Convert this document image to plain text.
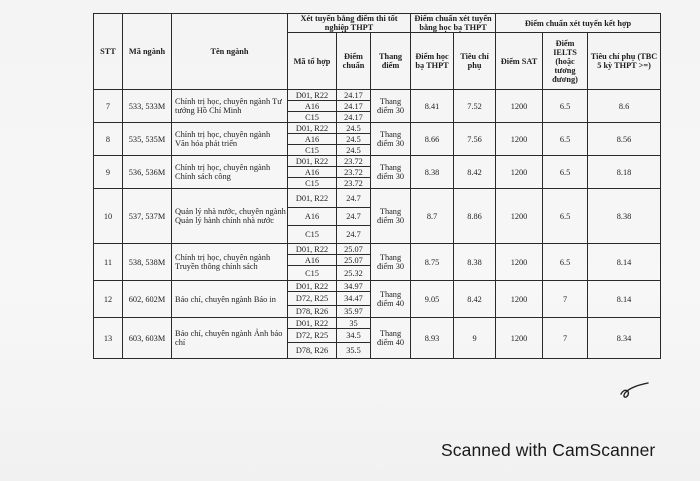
STT	Mã ngành	Tên ngành	Xét tuyển bằng điểm thi tốt nghiệp THPT			Điểm chuẩn xét tuyển bằng học bạ THPT		Điểm chuẩn xét tuyển kết hợp		
			Mã tổ hợp	Điểm chuẩn	Thang điểm	Điểm học bạ THPT	Tiêu chí phụ	Điểm SAT	Điểm IELTS (hoặc tương đương)	Tiêu chí phụ (TBC 5 kỳ THPT >=)
7	533, 533M	Chính trị học, chuyên ngành Tư tưởng Hồ Chí Minh	D01, R22	24.17	Thang điểm 30	8.41	7.52	1200	6.5	8.6
			A16	24.17						
			C15	24.17						
8	535, 535M	Chính trị học, chuyên ngành Văn hóa phát triển	D01, R22	24.5	Thang điểm 30	8.66	7.56	1200	6.5	8.56
			A16	24.5						
			C15	24.5						
9	536, 536M	Chính trị học, chuyên ngành Chính sách công	D01, R22	23.72	Thang điểm 30	8.38	8.42	1200	6.5	8.18
			A16	23.72						
			C15	23.72						
10	537, 537M	Quản lý nhà nước, chuyên ngành Quản lý hành chính nhà nước	D01, R22	24.7	Thang điểm 30	8.7	8.86	1200	6.5	8.38
			A16	24.7						
			C15	24.7						
11	538, 538M	Chính trị học, chuyên ngành Truyền thông chính sách	D01, R22	25.07	Thang điểm 30	8.75	8.38	1200	6.5	8.14
			A16	25.07						
			C15	25.32						
12	602, 602M	Báo chí, chuyên ngành Báo in	D01, R22	34.97	Thang điểm 40	9.05	8.42	1200	7	8.14
			D72, R25	34.47						
			D78, R26	35.97						
13	603, 603M	Báo chí, chuyên ngành Ảnh báo chí	D01, R22	35	Thang điểm 40	8.93	9	1200	7	8.34
			D72, R25	34.5						
			D78, R26	35.5						
Scanned with CamScanner
